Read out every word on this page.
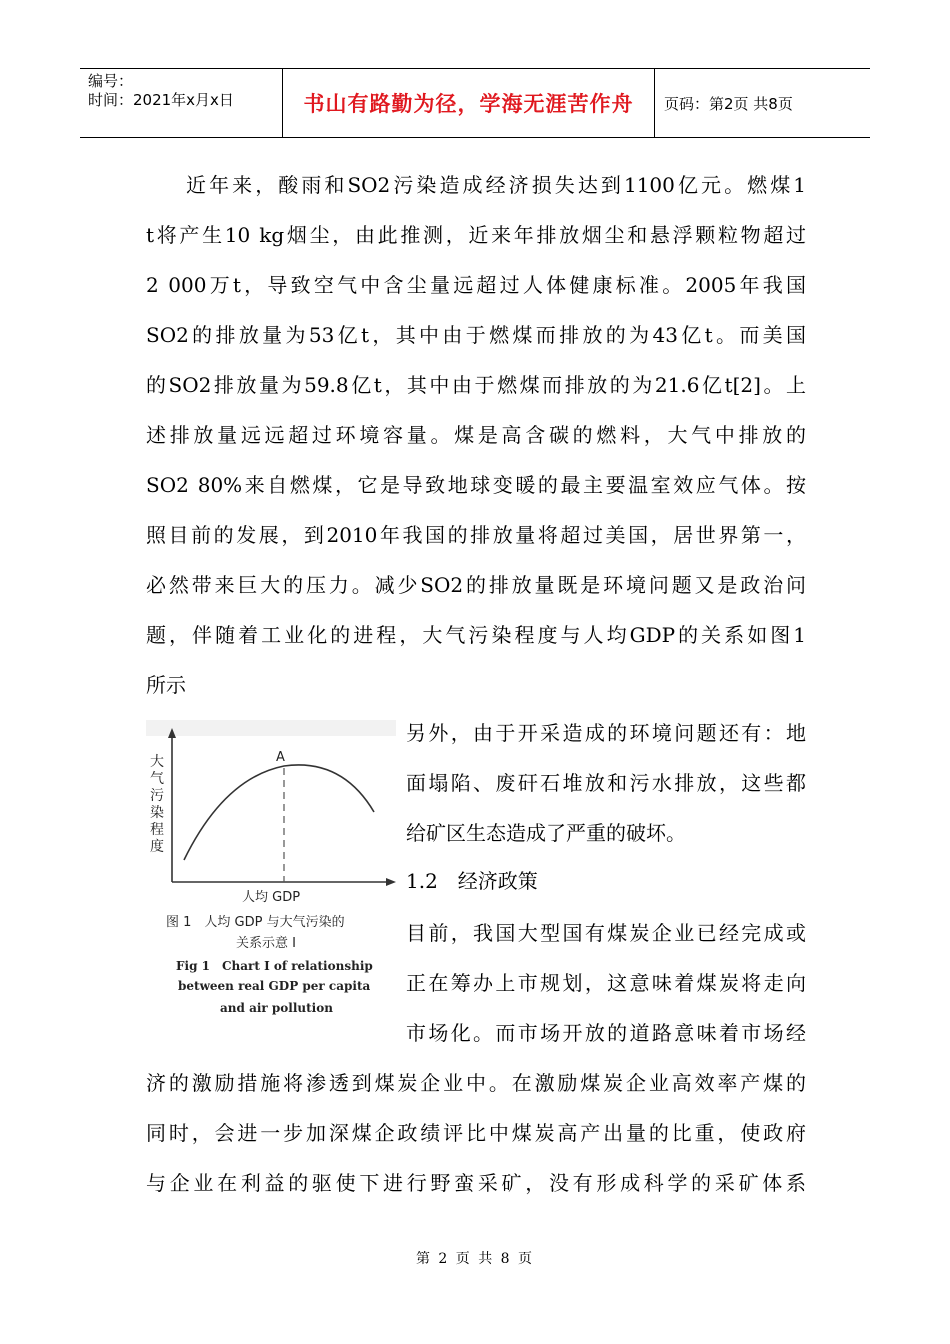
编号：
时间：2021年x月x日	书山有路勤为径，学海无涯苦作舟	页码：第2页 共8页
近年来，酸雨和SO2污染造成经济损失达到1100亿元。燃煤1
t将产生10 kg烟尘，由此推测，近来年排放烟尘和悬浮颗粒物超过
2 000万t，导致空气中含尘量远超过人体健康标准。2005年我国
SO2的排放量为53亿t，其中由于燃煤而排放的为43亿t。而美国
的SO2排放量为59.8亿t，其中由于燃煤而排放的为21.6亿t[2]。上
述排放量远远超过环境容量。煤是高含碳的燃料，大气中排放的
SO2 80%来自燃煤，它是导致地球变暖的最主要温室效应气体。按
照目前的发展，到2010年我国的排放量将超过美国，居世界第一，
必然带来巨大的压力。减少SO2的排放量既是环境问题又是政治问
题，伴随着工业化的进程，大气污染程度与人均GDP的关系如图1
所示
A
大气污染程度
人均 GDP
图 1　人均 GDP 与大气污染的
关系示意 I
Fig 1　Chart I of relationship
between real GDP per capita
and air pollution
另外，由于开采造成的环境问题还有：地
面塌陷、废矸石堆放和污水排放，这些都
给矿区生态造成了严重的破坏。
1.2　经济政策
目前，我国大型国有煤炭企业已经完成或
正在筹办上市规划，这意味着煤炭将走向
市场化。而市场开放的道路意味着市场经
济的激励措施将渗透到煤炭企业中。在激励煤炭企业高效率产煤的
同时，会进一步加深煤企政绩评比中煤炭高产出量的比重，使政府
与企业在利益的驱使下进行野蛮采矿，没有形成科学的采矿体系
第 2 页 共 8 页
